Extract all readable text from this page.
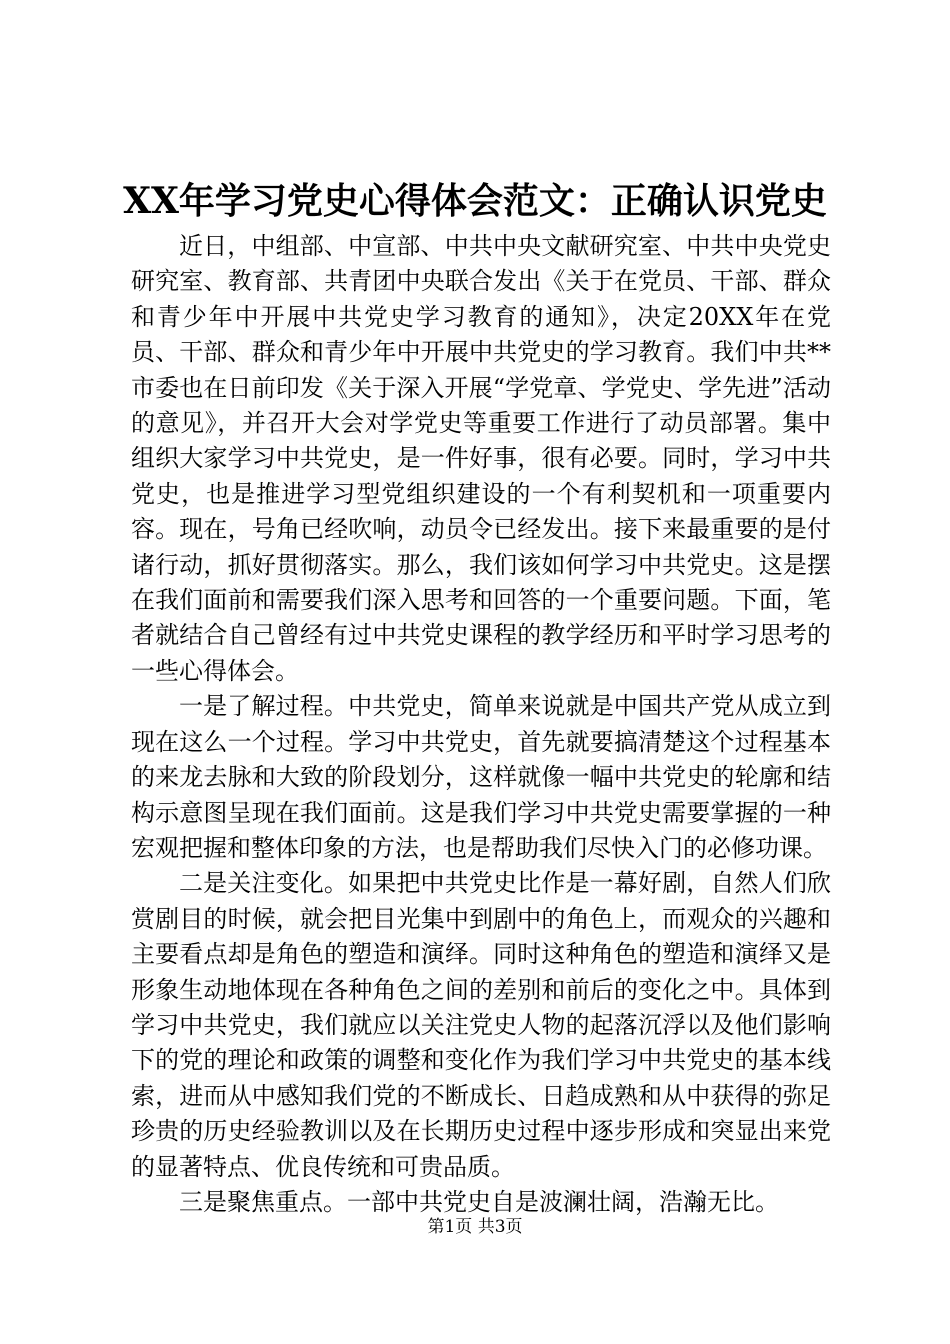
XX年学习党史心得体会范文：正确认识党史

近日，中组部、中宣部、中共中央文献研究室、中共中央党史研究室、教育部、共青团中央联合发出《关于在党员、干部、群众和青少年中开展中共党史学习教育的通知》，决定20XX年在党员、干部、群众和青少年中开展中共党史的学习教育。我们中共**市委也在日前印发《关于深入开展“学党章、学党史、学先进”活动的意见》，并召开大会对学党史等重要工作进行了动员部署。集中组织大家学习中共党史，是一件好事，很有必要。同时，学习中共党史，也是推进学习型党组织建设的一个有利契机和一项重要内容。现在，号角已经吹响，动员令已经发出。接下来最重要的是付诸行动，抓好贯彻落实。那么，我们该如何学习中共党史。这是摆在我们面前和需要我们深入思考和回答的一个重要问题。下面，笔者就结合自己曾经有过中共党史课程的教学经历和平时学习思考的一些心得体会。

一是了解过程。中共党史，简单来说就是中国共产党从成立到现在这么一个过程。学习中共党史，首先就要搞清楚这个过程基本的来龙去脉和大致的阶段划分，这样就像一幅中共党史的轮廓和结构示意图呈现在我们面前。这是我们学习中共党史需要掌握的一种宏观把握和整体印象的方法，也是帮助我们尽快入门的必修功课。

二是关注变化。如果把中共党史比作是一幕好剧，自然人们欣赏剧目的时候，就会把目光集中到剧中的角色上，而观众的兴趣和主要看点却是角色的塑造和演绎。同时这种角色的塑造和演绎又是形象生动地体现在各种角色之间的差别和前后的变化之中。具体到学习中共党史，我们就应以关注党史人物的起落沉浮以及他们影响下的党的理论和政策的调整和变化作为我们学习中共党史的基本线索，进而从中感知我们党的不断成长、日趋成熟和从中获得的弥足珍贵的历史经验教训以及在长期历史过程中逐步形成和突显出来党的显著特点、优良传统和可贵品质。

三是聚焦重点。一部中共党史自是波澜壮阔，浩瀚无比。

第1页 共3页
